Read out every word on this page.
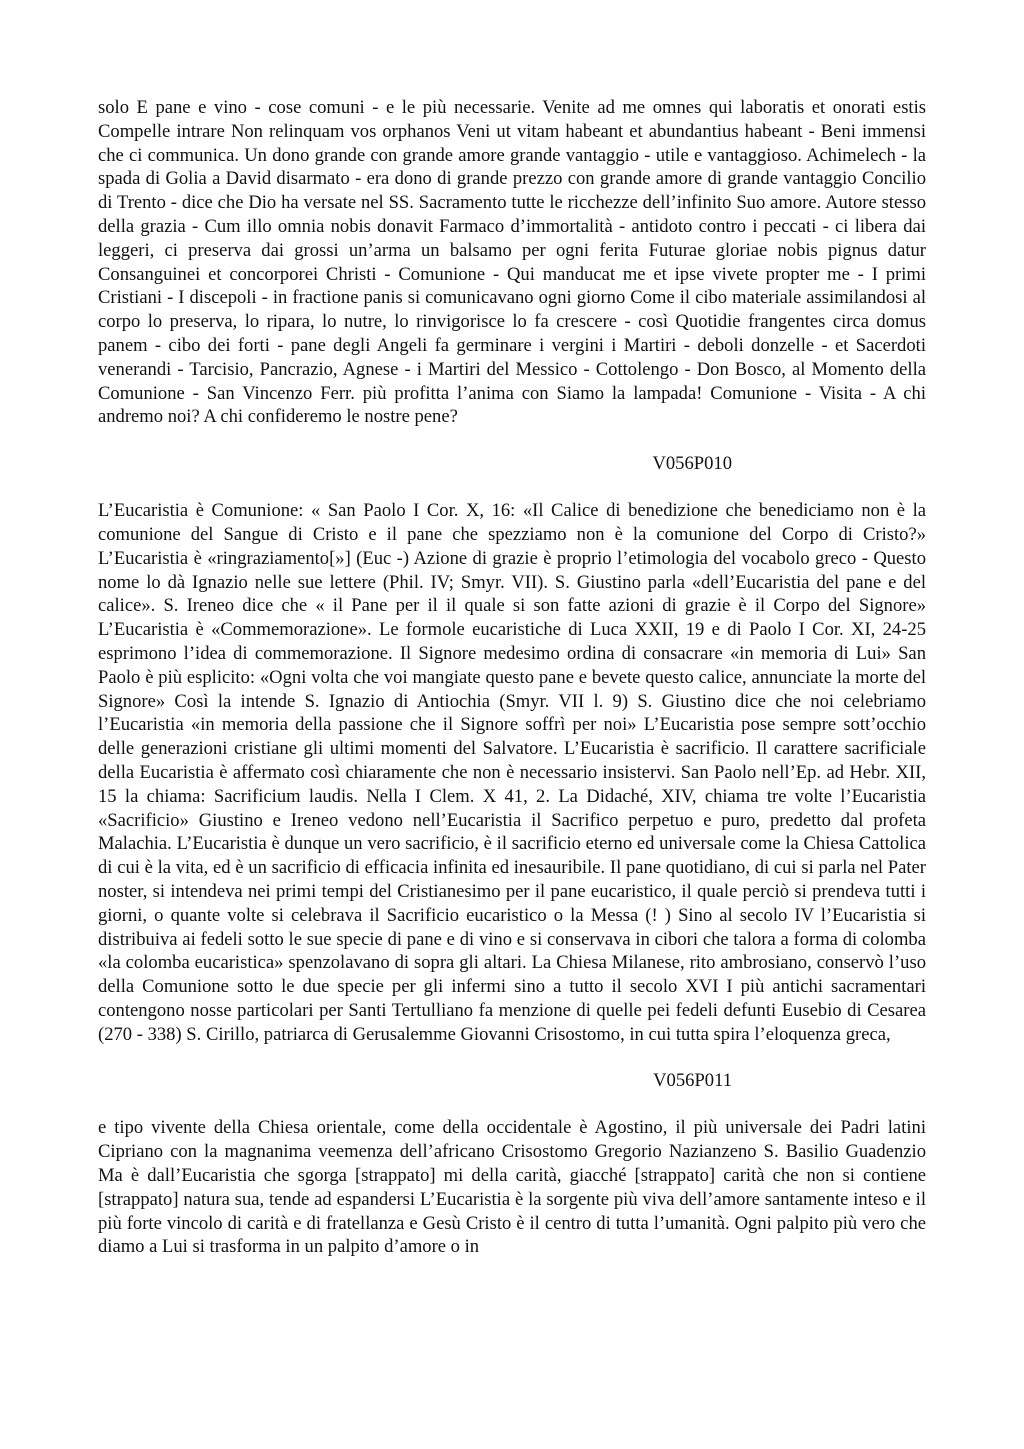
solo E pane e vino - cose comuni - e le più necessarie. Venite ad me omnes qui laboratis et onorati estis Compelle intrare Non relinquam vos orphanos Veni ut vitam habeant et abundantius habeant - Beni immensi che ci communica. Un dono grande con grande amore grande vantaggio - utile e vantaggioso. Achimelech - la spada di Golia a David disarmato - era dono di grande prezzo con grande amore di grande vantaggio Concilio di Trento - dice che Dio ha versate nel SS. Sacramento tutte le ricchezze dell’infinito Suo amore. Autore stesso della grazia - Cum illo omnia nobis donavit Farmaco d’immortalità - antidoto contro i peccati - ci libera dai leggeri, ci preserva dai grossi un’arma un balsamo per ogni ferita Futurae gloriae nobis pignus datur Consanguinei et concorporei Christi - Comunione - Qui manducat me et ipse vivete propter me - I primi Cristiani - I discepoli - in fractione panis si comunicavano ogni giorno Come il cibo materiale assimilandosi al corpo lo preserva, lo ripara, lo nutre, lo rinvigorisce lo fa crescere - così Quotidie frangentes circa domus panem - cibo dei forti - pane degli Angeli fa germinare i vergini i Martiri - deboli donzelle - et Sacerdoti venerandi - Tarcisio, Pancrazio, Agnese - i Martiri del Messico - Cottolengo - Don Bosco, al Momento della Comunione - San Vincenzo Ferr. più profitta l’anima con Siamo la lampada! Comunione - Visita - A chi andremo noi? A chi confideremo le nostre pene?

V056P010

L’Eucaristia è Comunione: « San Paolo I Cor. X, 16: «Il Calice di benedizione che benediciamo non è la comunione del Sangue di Cristo e il pane che spezziamo non è la comunione del Corpo di Cristo?» L’Eucaristia è «ringraziamento[»] (Euc -) Azione di grazie è proprio l’etimologia del vocabolo greco - Questo nome lo dà Ignazio nelle sue lettere (Phil. IV; Smyr. VII). S. Giustino parla «dell’Eucaristia del pane e del calice». S. Ireneo dice che « il Pane per il il quale si son fatte azioni di grazie è il Corpo del Signore» L’Eucaristia è «Commemorazione». Le formole eucaristiche di Luca XXII, 19 e di Paolo I Cor. XI, 24-25 esprimono l’idea di commemorazione. Il Signore medesimo ordina di consacrare «in memoria di Lui» San Paolo è più esplicito: «Ogni volta che voi mangiate questo pane e bevete questo calice, annunciate la morte del Signore» Così la intende S. Ignazio di Antiochia (Smyr. VII l. 9) S. Giustino dice che noi celebriamo l’Eucaristia «in memoria della passione che il Signore soffrì per noi» L’Eucaristia pose sempre sott’occhio delle generazioni cristiane gli ultimi momenti del Salvatore. L’Eucaristia è sacrificio. Il carattere sacrificiale della Eucaristia è affermato così chiaramente che non è necessario insistervi. San Paolo nell’Ep. ad Hebr. XII, 15 la chiama: Sacrificium laudis. Nella I Clem. X 41, 2. La Didaché, XIV, chiama tre volte l’Eucaristia «Sacrificio» Giustino e Ireneo vedono nell’Eucaristia il Sacrifico perpetuo e puro, predetto dal profeta Malachia. L’Eucaristia è dunque un vero sacrificio, è il sacrificio eterno ed universale come la Chiesa Cattolica di cui è la vita, ed è un sacrificio di efficacia infinita ed inesauribile. Il pane quotidiano, di cui si parla nel Pater noster, si intendeva nei primi tempi del Cristianesimo per il pane eucaristico, il quale perciò si prendeva tutti i giorni, o quante volte si celebrava il Sacrificio eucaristico o la Messa (! ) Sino al secolo IV l’Eucaristia si distribuiva ai fedeli sotto le sue specie di pane e di vino e si conservava in cibori che talora a forma di colomba «la colomba eucaristica» spenzolavano di sopra gli altari. La Chiesa Milanese, rito ambrosiano, conservò l’uso della Comunione sotto le due specie per gli infermi sino a tutto il secolo XVI I più antichi sacramentari contengono nosse particolari per Santi Tertulliano fa menzione di quelle pei fedeli defunti Eusebio di Cesarea (270 - 338) S. Cirillo, patriarca di Gerusalemme Giovanni Crisostomo, in cui tutta spira l’eloquenza greca,

V056P011

e tipo vivente della Chiesa orientale, come della occidentale è Agostino, il più universale dei Padri latini Cipriano con la magnanima veemenza dell’africano Crisostomo Gregorio Nazianzeno S. Basilio Guadenzio Ma è dall’Eucaristia che sgorga [strappato] mi della carità, giacché [strappato] carità che non si contiene [strappato] natura sua, tende ad espandersi L’Eucaristia è la sorgente più viva dell’amore santamente inteso e il più forte vincolo di carità e di fratellanza e Gesù Cristo è il centro di tutta l’umanità. Ogni palpito più vero che diamo a Lui si trasforma in un palpito d’amore o in
